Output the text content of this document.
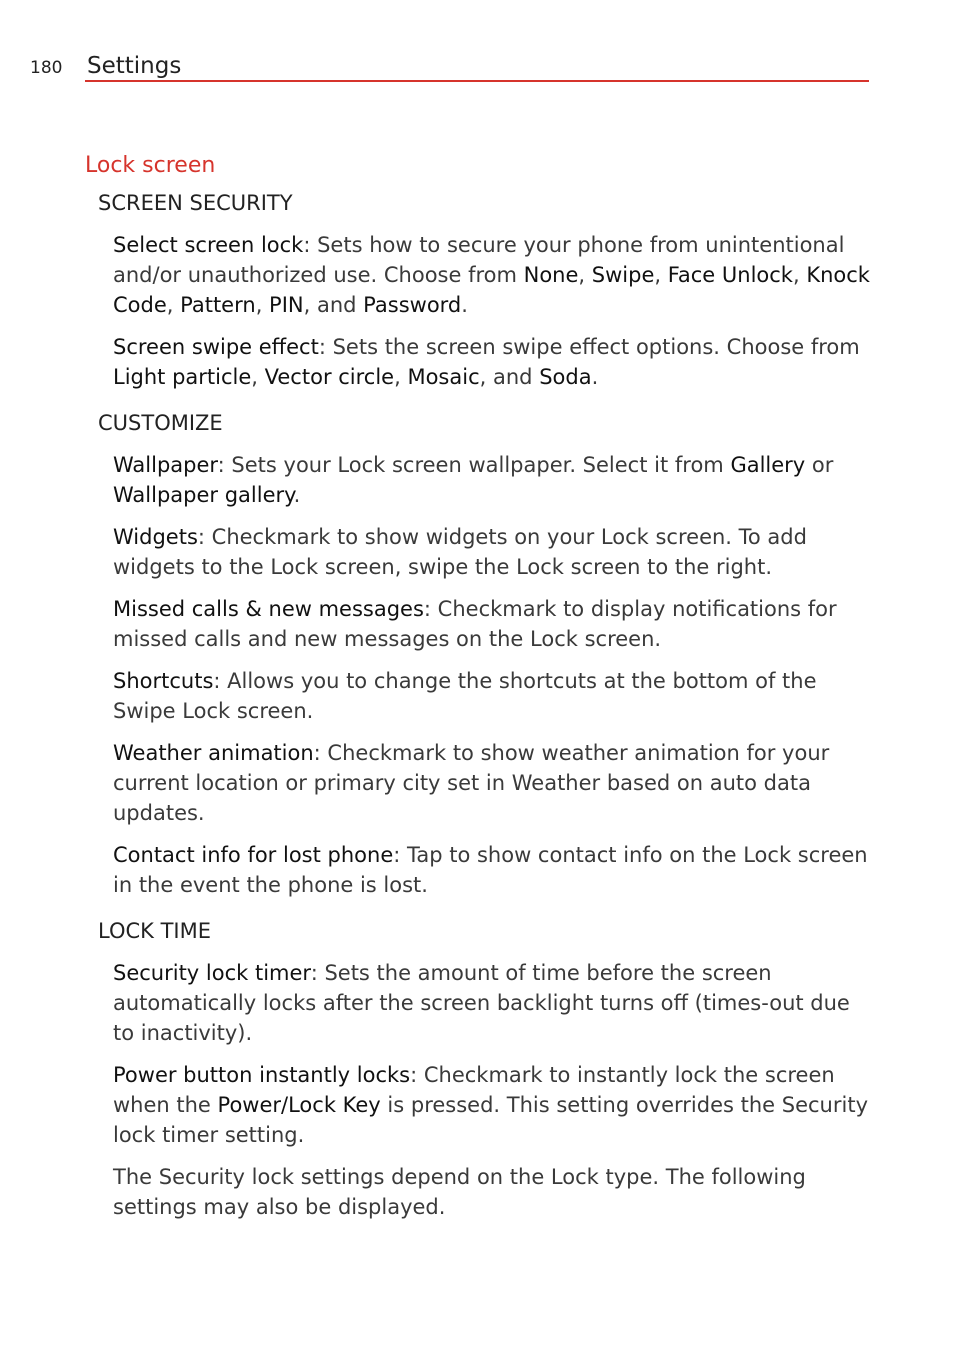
180 Settings
Lock screen
SCREEN SECURITY
Select screen lock: Sets how to secure your phone from unintentional and/or unauthorized use. Choose from None, Swipe, Face Unlock, Knock Code, Pattern, PIN, and Password.
Screen swipe effect: Sets the screen swipe effect options. Choose from Light particle, Vector circle, Mosaic, and Soda.
CUSTOMIZE
Wallpaper: Sets your Lock screen wallpaper. Select it from Gallery or Wallpaper gallery.
Widgets: Checkmark to show widgets on your Lock screen. To add widgets to the Lock screen, swipe the Lock screen to the right.
Missed calls & new messages: Checkmark to display notifications for missed calls and new messages on the Lock screen.
Shortcuts: Allows you to change the shortcuts at the bottom of the Swipe Lock screen.
Weather animation: Checkmark to show weather animation for your current location or primary city set in Weather based on auto data updates.
Contact info for lost phone: Tap to show contact info on the Lock screen in the event the phone is lost.
LOCK TIME
Security lock timer: Sets the amount of time before the screen automatically locks after the screen backlight turns off (times-out due to inactivity).
Power button instantly locks: Checkmark to instantly lock the screen when the Power/Lock Key is pressed. This setting overrides the Security lock timer setting.
The Security lock settings depend on the Lock type. The following settings may also be displayed.
